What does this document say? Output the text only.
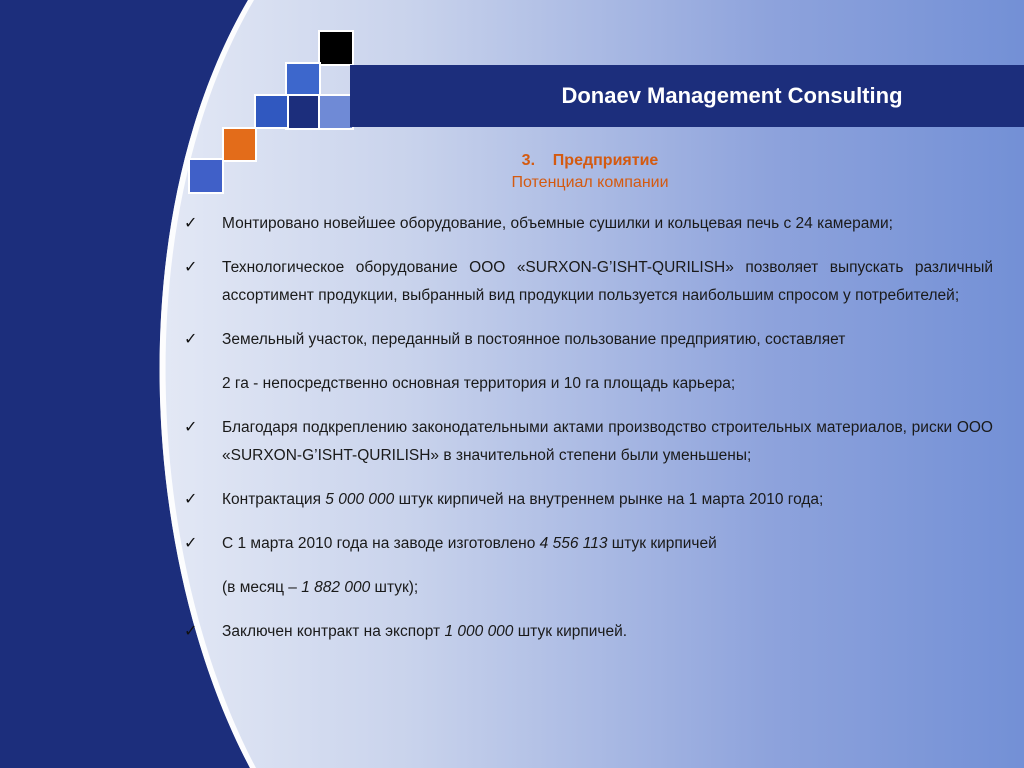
Donaev Management Consulting
3.    Предприятие
Потенциал компании
✓ Монтировано новейшее оборудование, объемные сушилки и кольцевая печь с 24 камерами;
✓ Технологическое оборудование ООО «SURXON-G’ISHT-QURILISH» позволяет выпускать различный ассортимент продукции, выбранный вид продукции пользуется наибольшим спросом у потребителей;
✓ Земельный участок, переданный в постоянное пользование предприятию, составляет
2 га - непосредственно основная территория и 10 га площадь карьера;
✓ Благодаря подкреплению законодательными актами производство строительных материалов, риски ООО «SURXON-G’ISHT-QURILISH» в значительной степени были уменьшены;
✓ Контрактация 5 000 000 штук кирпичей на внутреннем рынке на 1 марта 2010 года;
✓ С 1 марта 2010 года на заводе изготовлено 4 556 113 штук кирпичей
(в месяц – 1 882 000 штук);
✓ Заключен контракт на экспорт 1 000 000 штук кирпичей.
